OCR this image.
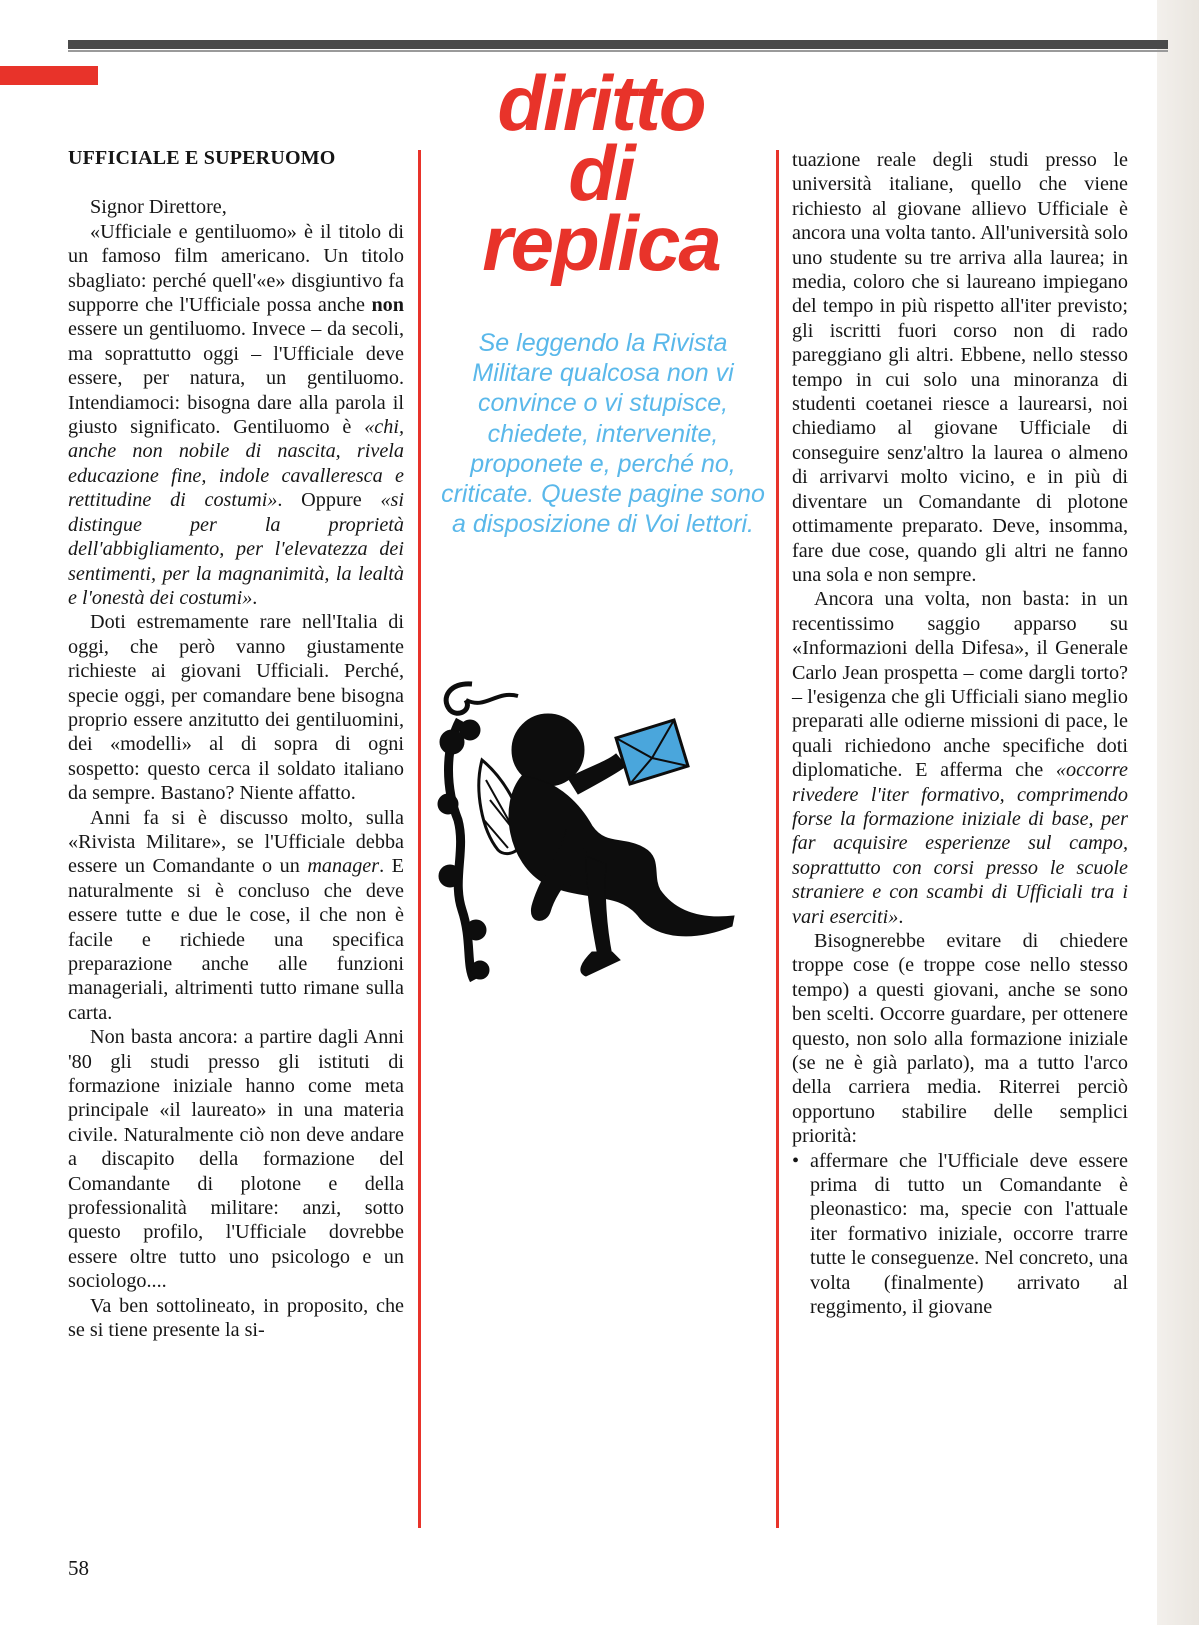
UFFICIALE E SUPERUOMO

Signor Direttore,

«Ufficiale e gentiluomo» è il titolo di un famoso film americano. Un titolo sbagliato: perché quell'«e» disgiuntivo fa supporre che l'Ufficiale possa anche non essere un gentiluomo. Invece – da secoli, ma soprattutto oggi – l'Ufficiale deve essere, per natura, un gentiluomo. Intendiamoci: bisogna dare alla parola il giusto significato. Gentiluomo è «chi, anche non nobile di nascita, rivela educazione fine, indole cavalleresca e rettitudine di costumi». Oppure «si distingue per la proprietà dell'abbigliamento, per l'elevatezza dei sentimenti, per la magnanimità, la lealtà e l'onestà dei costumi».

Doti estremamente rare nell'Italia di oggi, che però vanno giustamente richieste ai giovani Ufficiali. Perché, specie oggi, per comandare bene bisogna proprio essere anzitutto dei gentiluomini, dei «modelli» al di sopra di ogni sospetto: questo cerca il soldato italiano da sempre. Bastano? Niente affatto.

Anni fa si è discusso molto, sulla «Rivista Militare», se l'Ufficiale debba essere un Comandante o un manager. E naturalmente si è concluso che deve essere tutte e due le cose, il che non è facile e richiede una specifica preparazione anche alle funzioni manageriali, altrimenti tutto rimane sulla carta.

Non basta ancora: a partire dagli Anni '80 gli studi presso gli istituti di formazione iniziale hanno come meta principale «il laureato» in una materia civile. Naturalmente ciò non deve andare a discapito della formazione del Comandante di plotone e della professionalità militare: anzi, sotto questo profilo, l'Ufficiale dovrebbe essere oltre tutto uno psicologo e un sociologo....

Va ben sottolineato, in proposito, che se si tiene presente la si-

diritto
di
replica
Se leggendo la Rivista Militare qualcosa non vi convince o vi stupisce, chiedete, intervenite, proponete e, perché no, criticate. Queste pagine sono a disposizione di Voi lettori.

tuazione reale degli studi presso le università italiane, quello che viene richiesto al giovane allievo Ufficiale è ancora una volta tanto. All'università solo uno studente su tre arriva alla laurea; in media, coloro che si laureano impiegano del tempo in più rispetto all'iter previsto; gli iscritti fuori corso non di rado pareggiano gli altri. Ebbene, nello stesso tempo in cui solo una minoranza di studenti coetanei riesce a laurearsi, noi chiediamo al giovane Ufficiale di conseguire senz'altro la laurea o almeno di arrivarvi molto vicino, e in più di diventare un Comandante di plotone ottimamente preparato. Deve, insomma, fare due cose, quando gli altri ne fanno una sola e non sempre.

Ancora una volta, non basta: in un recentissimo saggio apparso su «Informazioni della Difesa», il Generale Carlo Jean prospetta – come dargli torto? – l'esigenza che gli Ufficiali siano meglio preparati alle odierne missioni di pace, le quali richiedono anche specifiche doti diplomatiche. E afferma che «occorre rivedere l'iter formativo, comprimendo forse la formazione iniziale di base, per far acquisire esperienze sul campo, soprattutto con corsi presso le scuole straniere e con scambi di Ufficiali tra i vari eserciti».

Bisognerebbe evitare di chiedere troppe cose (e troppe cose nello stesso tempo) a questi giovani, anche se sono ben scelti. Occorre guardare, per ottenere questo, non solo alla formazione iniziale (se ne è già parlato), ma a tutto l'arco della carriera media. Riterrei perciò opportuno stabilire delle semplici priorità:

• affermare che l'Ufficiale deve essere prima di tutto un Comandante è pleonastico: ma, specie con l'attuale iter formativo iniziale, occorre trarre tutte le conseguenze. Nel concreto, una volta (finalmente) arrivato al reggimento, il giovane
58
